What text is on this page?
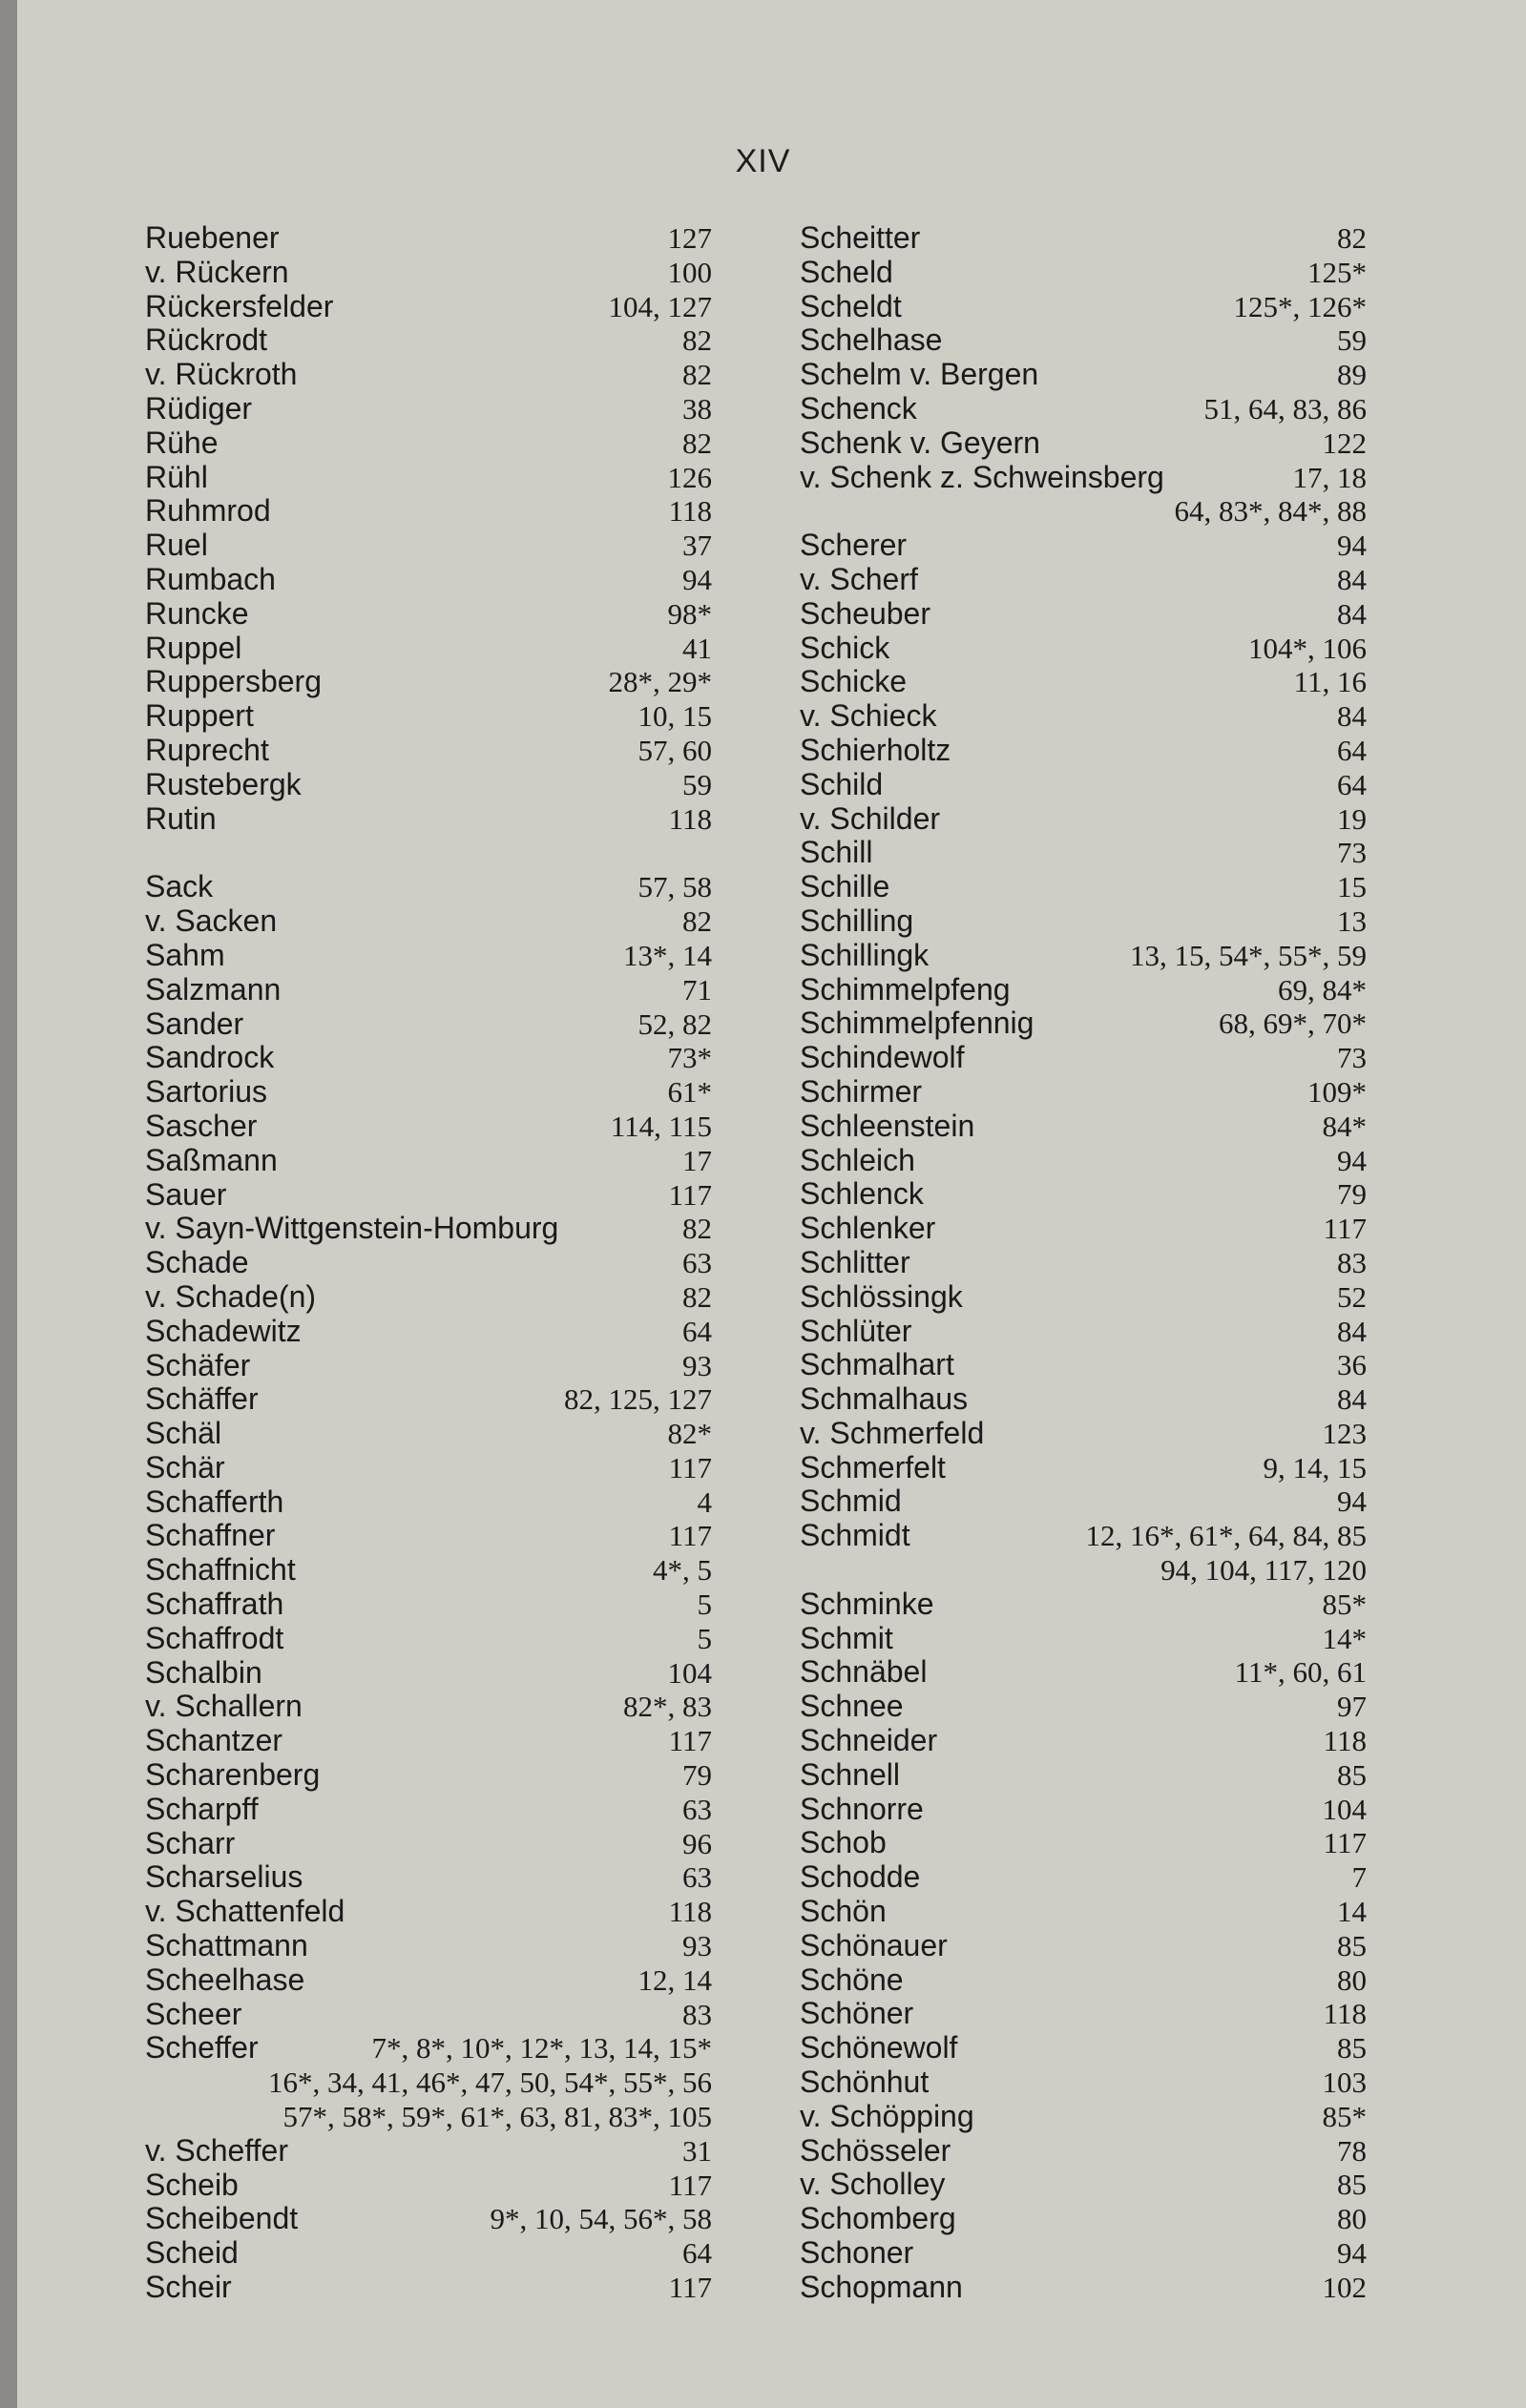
XIV
Ruebener	127
v. Rückern	100
Rückersfelder	104, 127
Rückrodt	82
v. Rückroth	82
Rüdiger	38
Rühe	82
Rühl	126
Ruhmrod	118
Ruel	37
Rumbach	94
Runcke	98*
Ruppel	41
Ruppersberg	28*, 29*
Ruppert	10, 15
Ruprecht	57, 60
Rustebergk	59
Rutin	118
Sack	57, 58
v. Sacken	82
Sahm	13*, 14
Salzmann	71
Sander	52, 82
Sandrock	73*
Sartorius	61*
Sascher	114, 115
Saßmann	17
Sauer	117
v. Sayn-Wittgenstein-Homburg	82
Schade	63
v. Schade(n)	82
Schadewitz	64
Schäfer	93
Schäffer	82, 125, 127
Schäl	82*
Schär	117
Schafferth	4
Schaffner	117
Schaffnicht	4*, 5
Schaffrath	5
Schaffrodt	5
Schalbin	104
v. Schallern	82*, 83
Schantzer	117
Scharenberg	79
Scharpff	63
Scharr	96
Scharselius	63
v. Schattenfeld	118
Schattmann	93
Scheelhase	12, 14
Scheer	83
Scheffer	7*, 8*, 10*, 12*, 13, 14, 15*
16*, 34, 41, 46*, 47, 50, 54*, 55*, 56
57*, 58*, 59*, 61*, 63, 81, 83*, 105
v. Scheffer	31
Scheib	117
Scheibendt	9*, 10, 54, 56*, 58
Scheid	64
Scheir	117
Scheitter	82
Scheld	125*
Scheldt	125*, 126*
Schelhase	59
Schelm v. Bergen	89
Schenck	51, 64, 83, 86
Schenk v. Geyern	122
v. Schenk z. Schweinsberg	17, 18
64, 83*, 84*, 88
Scherer	94
v. Scherf	84
Scheuber	84
Schick	104*, 106
Schicke	11, 16
v. Schieck	84
Schierholtz	64
Schild	64
v. Schilder	19
Schill	73
Schille	15
Schilling	13
Schillingk	13, 15, 54*, 55*, 59
Schimmelpfeng	69, 84*
Schimmelpfennig	68, 69*, 70*
Schindewolf	73
Schirmer	109*
Schleenstein	84*
Schleich	94
Schlenck	79
Schlenker	117
Schlitter	83
Schlössingk	52
Schlüter	84
Schmalhart	36
Schmalhaus	84
v. Schmerfeld	123
Schmerfelt	9, 14, 15
Schmid	94
Schmidt	12, 16*, 61*, 64, 84, 85
94, 104, 117, 120
Schminke	85*
Schmit	14*
Schnäbel	11*, 60, 61
Schnee	97
Schneider	118
Schnell	85
Schnorre	104
Schob	117
Schodde	7
Schön	14
Schönauer	85
Schöne	80
Schöner	118
Schönewolf	85
Schönhut	103
v. Schöpping	85*
Schösseler	78
v. Scholley	85
Schomberg	80
Schoner	94
Schopmann	102
